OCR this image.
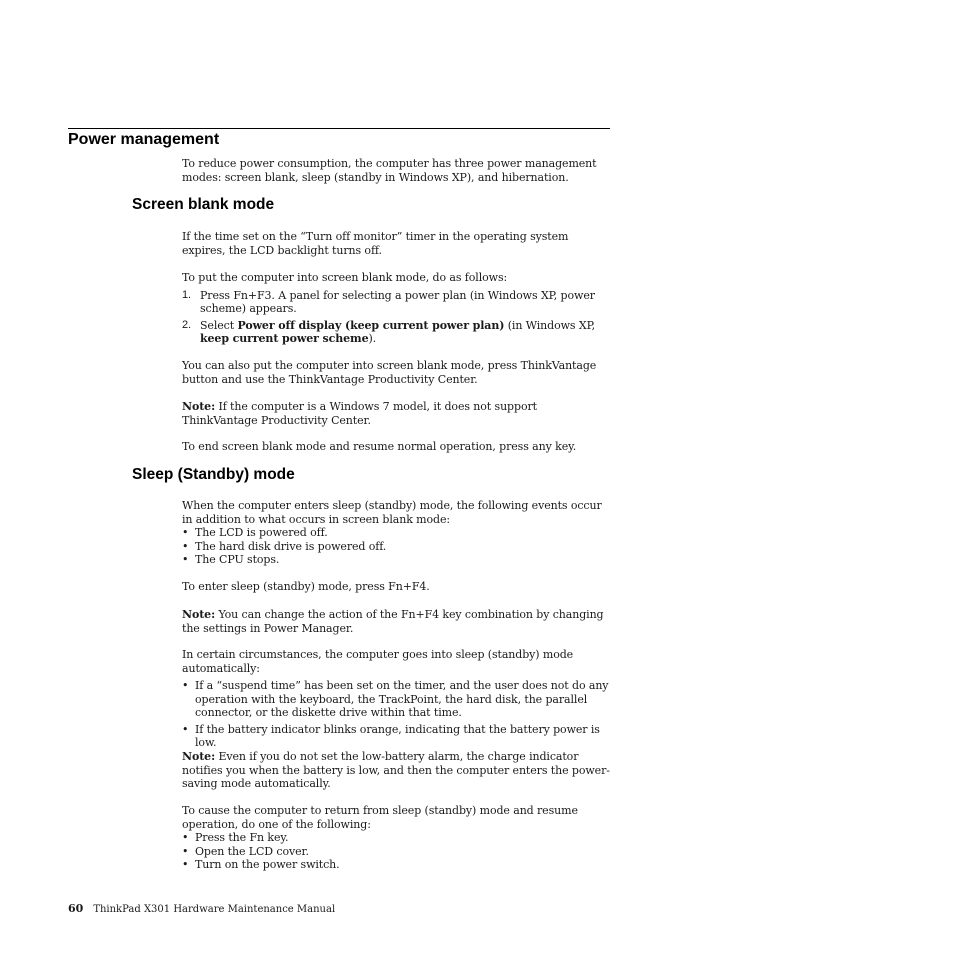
Power management

To reduce power consumption, the computer has three power management modes: screen blank, sleep (standby in Windows XP), and hibernation.

Screen blank mode

If the time set on the “Turn off monitor” timer in the operating system expires, the LCD backlight turns off.

To put the computer into screen blank mode, do as follows:

1. Press Fn+F3. A panel for selecting a power plan (in Windows XP, power scheme) appears.
2. Select Power off display (keep current power plan) (in Windows XP, keep current power scheme).

You can also put the computer into screen blank mode, press ThinkVantage button and use the ThinkVantage Productivity Center.

Note: If the computer is a Windows 7 model, it does not support ThinkVantage Productivity Center.

To end screen blank mode and resume normal operation, press any key.

Sleep (Standby) mode

When the computer enters sleep (standby) mode, the following events occur in addition to what occurs in screen blank mode:

• The LCD is powered off.
• The hard disk drive is powered off.
• The CPU stops.

To enter sleep (standby) mode, press Fn+F4.

Note: You can change the action of the Fn+F4 key combination by changing the settings in Power Manager.

In certain circumstances, the computer goes into sleep (standby) mode automatically:

• If a “suspend time” has been set on the timer, and the user does not do any operation with the keyboard, the TrackPoint, the hard disk, the parallel connector, or the diskette drive within that time.
• If the battery indicator blinks orange, indicating that the battery power is low.

Note: Even if you do not set the low-battery alarm, the charge indicator notifies you when the battery is low, and then the computer enters the power-saving mode automatically.

To cause the computer to return from sleep (standby) mode and resume operation, do one of the following:

• Press the Fn key.
• Open the LCD cover.
• Turn on the power switch.
60 ThinkPad X301 Hardware Maintenance Manual
